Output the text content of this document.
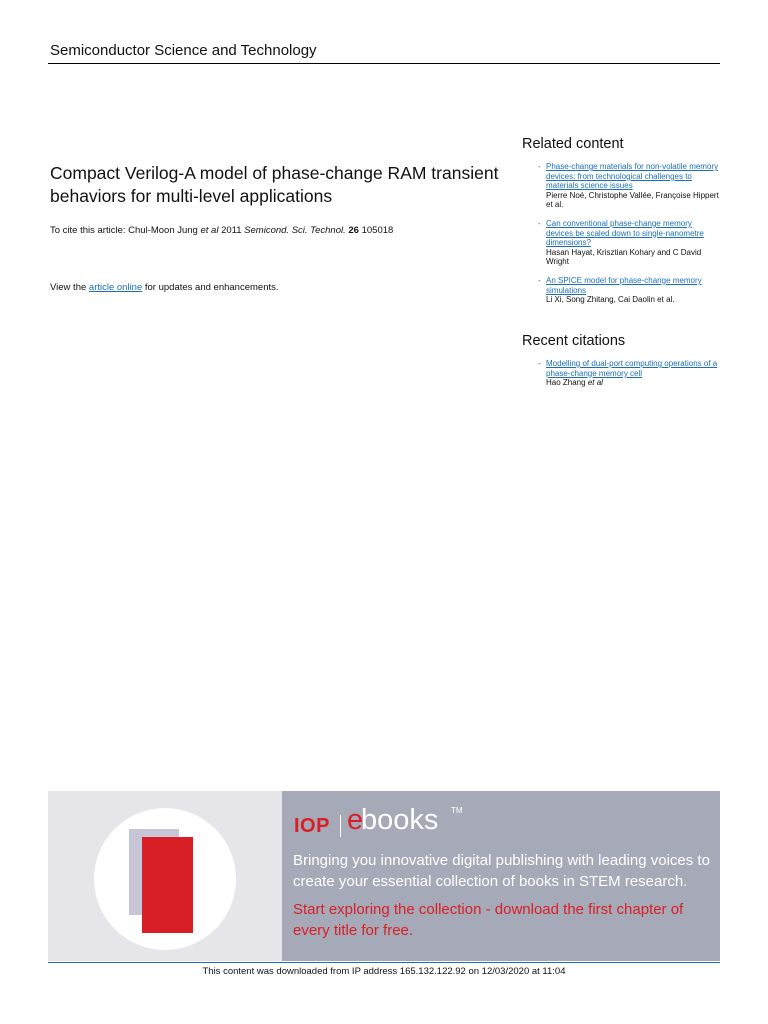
Semiconductor Science and Technology
Compact Verilog-A model of phase-change RAM transient behaviors for multi-level applications
To cite this article: Chul-Moon Jung et al 2011 Semicond. Sci. Technol. 26 105018
View the article online for updates and enhancements.
Related content
- Phase-change materials for non-volatile memory devices: from technological challenges to materials science issues
Pierre Noé, Christophe Vallée, Françoise Hippert et al.
- Can conventional phase-change memory devices be scaled down to single-nanometre dimensions?
Hasan Hayat, Krisztian Kohary and C David Wright
- An SPICE model for phase-change memory simulations
Li Xi, Song Zhitang, Cai Daolin et al.
Recent citations
- Modelling of dual-port computing operations of a phase-change memory cell
Hao Zhang et al
IOP e
books TM
Bringing you innovative digital publishing with leading voices to create your essential collection of books in STEM research.
Start exploring the collection - download the first chapter of every title for free.
This content was downloaded from IP address 165.132.122.92 on 12/03/2020 at 11:04
